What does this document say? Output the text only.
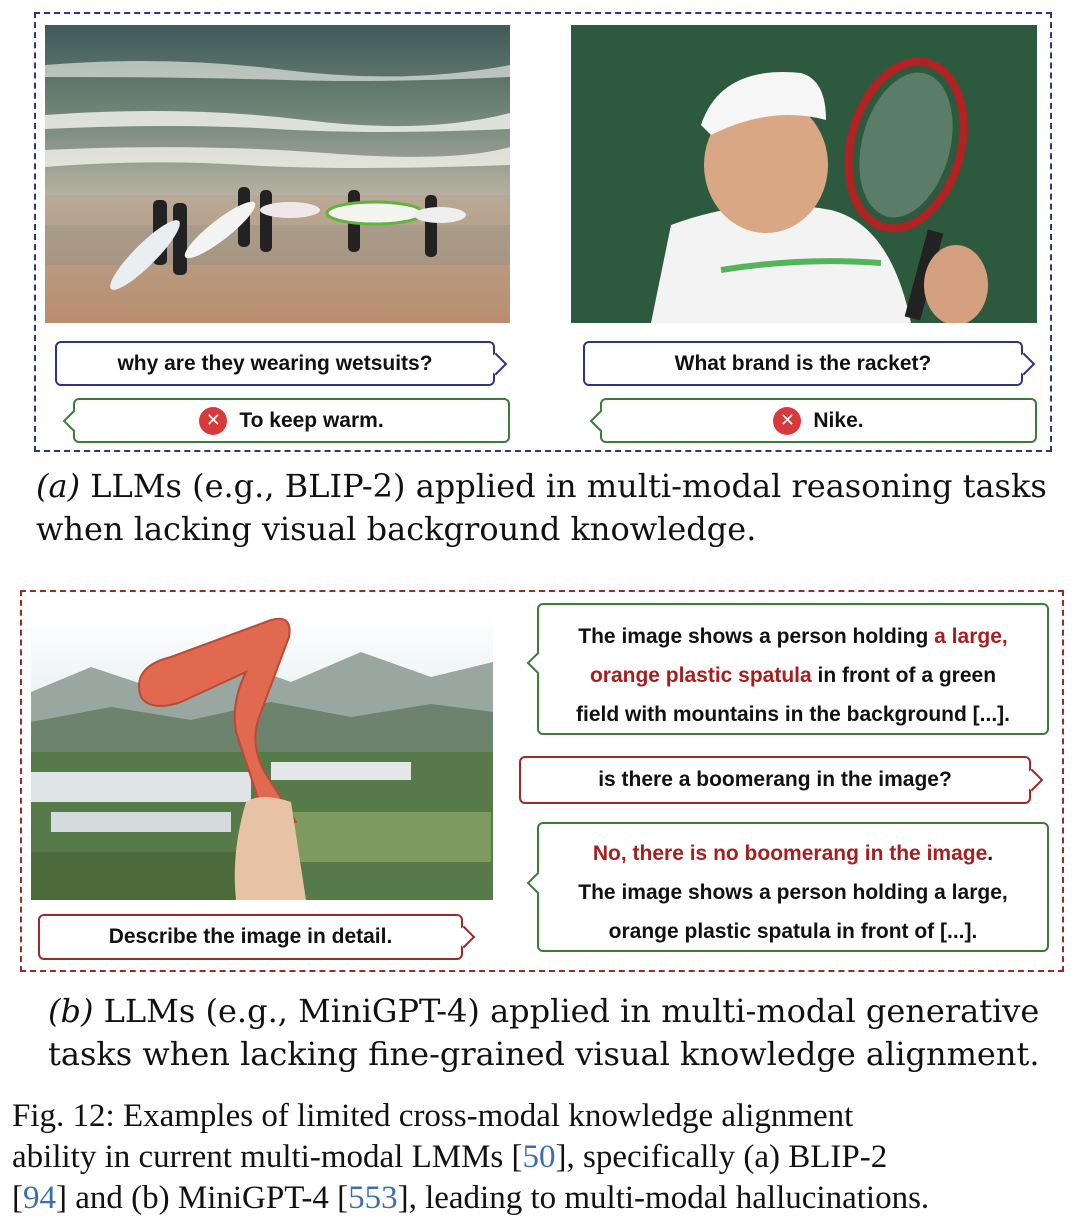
why are they wearing wetsuits?
✕ To keep warm.
What brand is the racket?
✕ Nike.
(a) LLMs (e.g., BLIP-2) applied in multi-modal reasoning tasks
when lacking visual background knowledge.
The image shows a person holding a large,
orange plastic spatula in front of a green
field with mountains in the background [...].
is there a boomerang in the image?
No, there is no boomerang in the image.
The image shows a person holding a large,
orange plastic spatula in front of [...].
Describe the image in detail.
(b) LLMs (e.g., MiniGPT-4) applied in multi-modal generative
tasks when lacking fine-grained visual knowledge alignment.
Fig. 12: Examples of limited cross-modal knowledge alignment
ability in current multi-modal LMMs [50], specifically (a) BLIP-2
[94] and (b) MiniGPT-4 [553], leading to multi-modal hallucinations.
